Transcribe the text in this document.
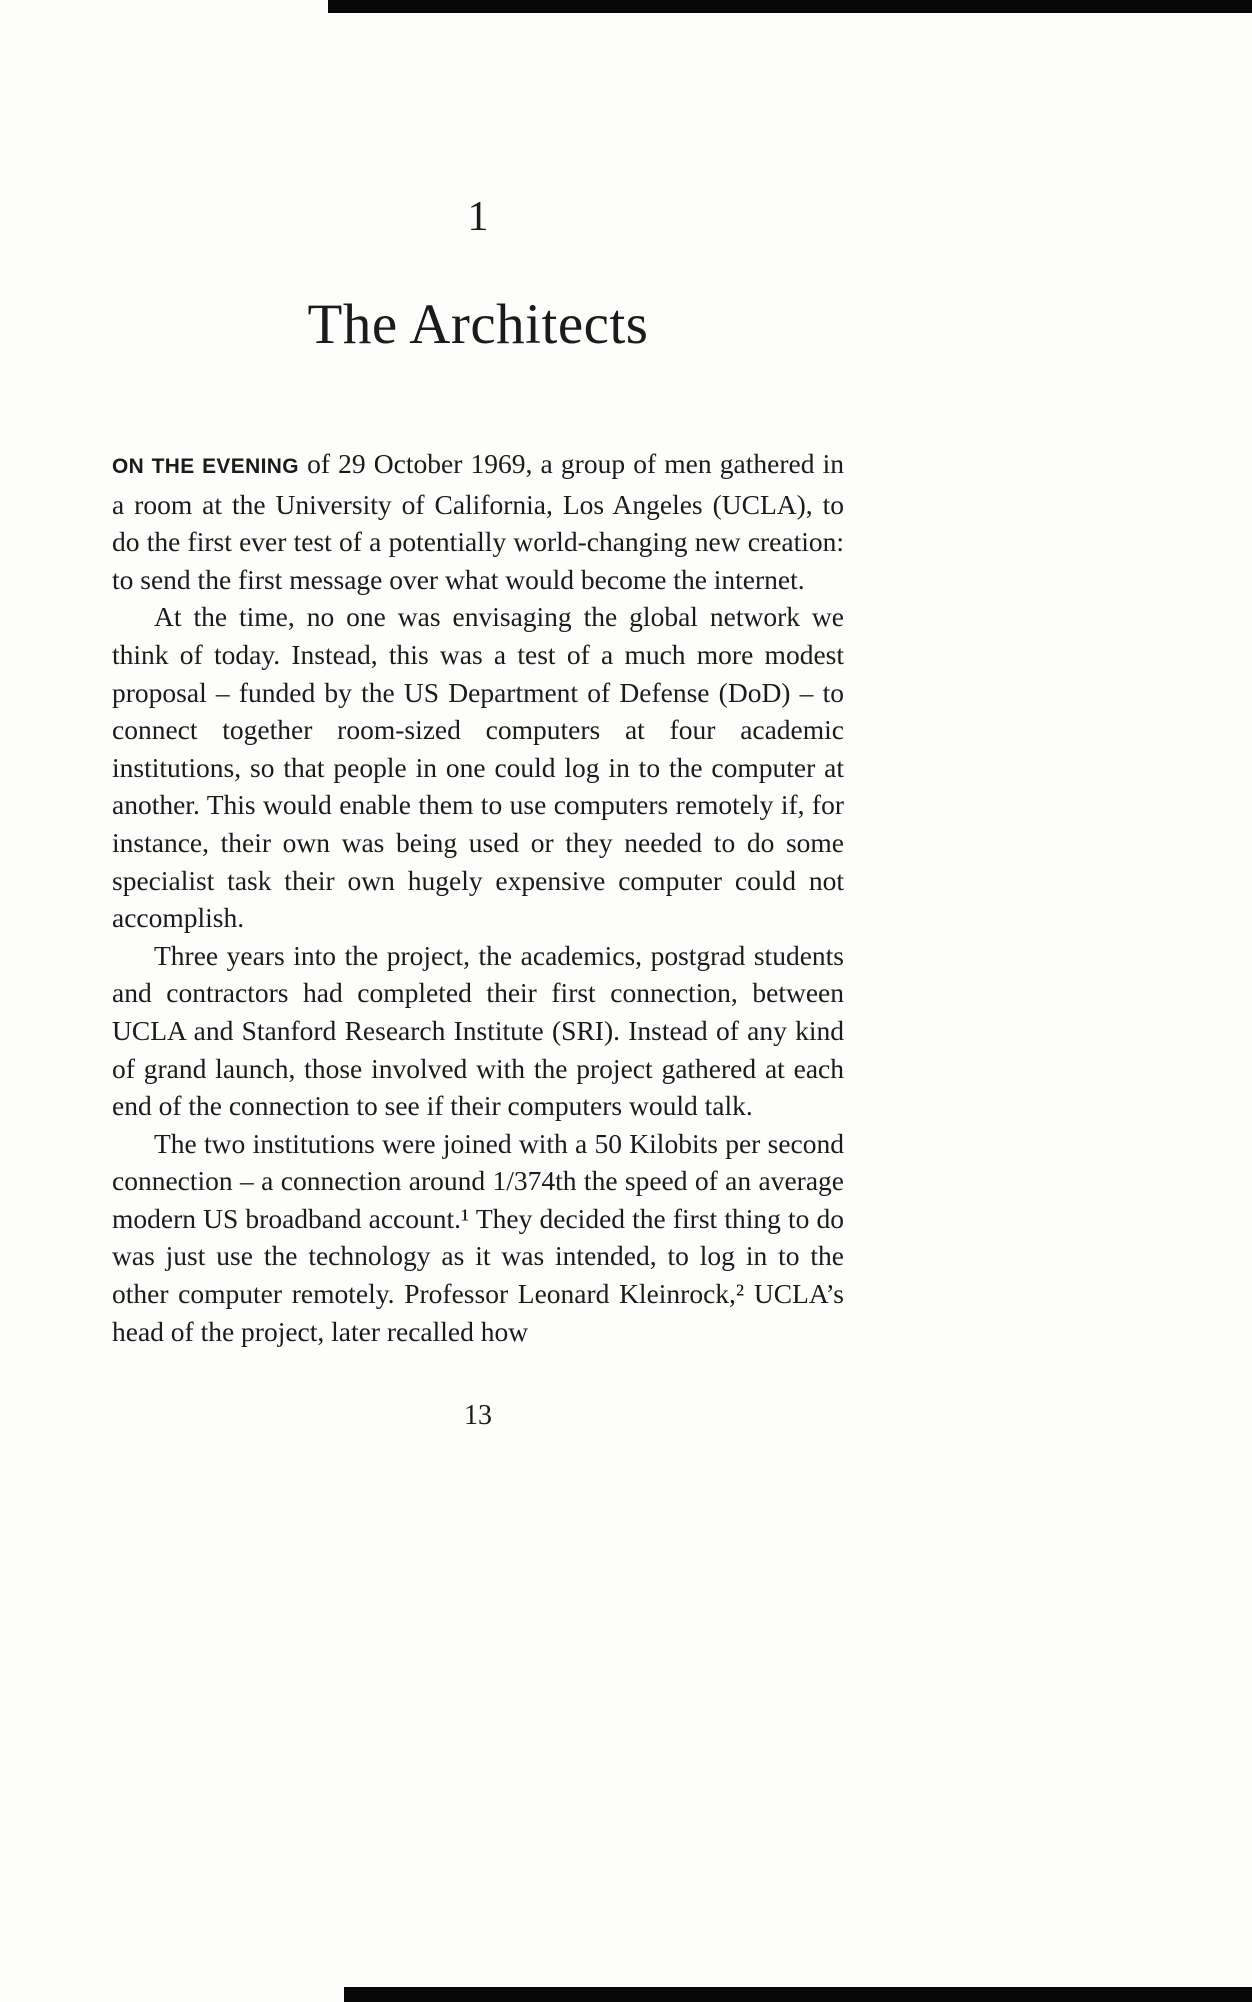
1
The Architects

ON THE EVENING of 29 October 1969, a group of men gathered in a room at the University of California, Los Angeles (UCLA), to do the first ever test of a potentially world-changing new creation: to send the first message over what would become the internet.

At the time, no one was envisaging the global network we think of today. Instead, this was a test of a much more modest proposal – funded by the US Department of Defense (DoD) – to connect together room-sized computers at four academic institutions, so that people in one could log in to the computer at another. This would enable them to use computers remotely if, for instance, their own was being used or they needed to do some specialist task their own hugely expensive computer could not accomplish.

Three years into the project, the academics, postgrad students and contractors had completed their first connection, between UCLA and Stanford Research Institute (SRI). Instead of any kind of grand launch, those involved with the project gathered at each end of the connection to see if their computers would talk.

The two institutions were joined with a 50 Kilobits per second connection – a connection around 1/374th the speed of an average modern US broadband account.¹ They decided the first thing to do was just use the technology as it was intended, to log in to the other computer remotely. Professor Leonard Kleinrock,² UCLA’s head of the project, later recalled how

13
